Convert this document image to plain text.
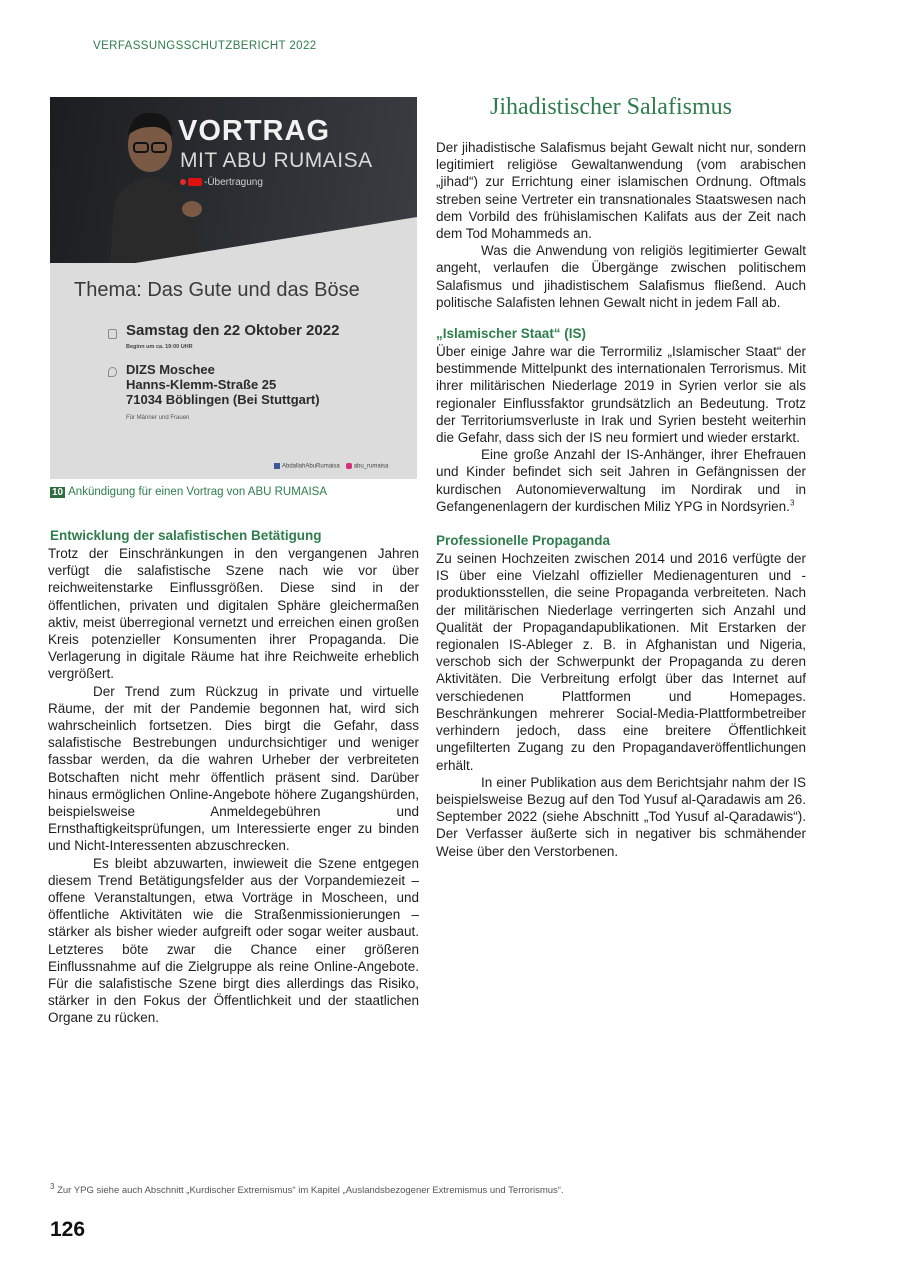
VERFASSUNGSSCHUTZBERICHT 2022
VORTRAG
MIT ABU RUMAISA
-Übertragung
Thema: Das Gute und das Böse
Samstag den 22 Oktober 2022
Beginn um ca. 19:00 UHR
DIZS Moschee
Hanns-Klemm-Straße 25
71034 Böblingen (Bei Stuttgart)
Für Männer und Frauen
AbdallahAbuRumaisa abu_rumaisa
10 Ankündigung für einen Vortrag von ABU RUMAISA
Entwicklung der salafistischen Betätigung

Trotz der Einschränkungen in den vergangenen Jahren verfügt die salafistische Szene nach wie vor über reichweitenstarke Einflussgrößen. Diese sind in der öffentlichen, privaten und digitalen Sphäre gleichermaßen aktiv, meist überregional vernetzt und erreichen einen großen Kreis potenzieller Konsumenten ihrer Propaganda. Die Verlagerung in digitale Räume hat ihre Reichweite erheblich vergrößert.

Der Trend zum Rückzug in private und virtuelle Räume, der mit der Pandemie begonnen hat, wird sich wahrscheinlich fortsetzen. Dies birgt die Gefahr, dass salafistische Bestrebungen undurchsichtiger und weniger fassbar werden, da die wahren Urheber der verbreiteten Botschaften nicht mehr öffentlich präsent sind. Darüber hinaus ermöglichen Online-Angebote höhere Zugangshürden, beispielsweise Anmeldegebühren und Ernsthaftigkeitsprüfungen, um Interessierte enger zu binden und Nicht-Interessenten abzuschrecken.

Es bleibt abzuwarten, inwieweit die Szene entgegen diesem Trend Betätigungsfelder aus der Vorpandemiezeit – offene Veranstaltungen, etwa Vorträge in Moscheen, und öffentliche Aktivitäten wie die Straßenmissionierungen – stärker als bisher wieder aufgreift oder sogar weiter ausbaut. Letzteres böte zwar die Chance einer größeren Einflussnahme auf die Zielgruppe als reine Online-Angebote. Für die salafistische Szene birgt dies allerdings das Risiko, stärker in den Fokus der Öffentlichkeit und der staatlichen Organe zu rücken.

Jihadistischer Salafismus

Der jihadistische Salafismus bejaht Gewalt nicht nur, sondern legitimiert religiöse Gewaltanwendung (vom arabischen „jihad“) zur Errichtung einer islamischen Ordnung. Oftmals streben seine Vertreter ein transnationales Staatswesen nach dem Vorbild des frühislamischen Kalifats aus der Zeit nach dem Tod Mohammeds an.

Was die Anwendung von religiös legitimierter Gewalt angeht, verlaufen die Übergänge zwischen politischem Salafismus und jihadistischem Salafismus fließend. Auch politische Salafisten lehnen Gewalt nicht in jedem Fall ab.

„Islamischer Staat“ (IS)

Über einige Jahre war die Terrormiliz „Islamischer Staat“ der bestimmende Mittelpunkt des internationalen Terrorismus. Mit ihrer militärischen Niederlage 2019 in Syrien verlor sie als regionaler Einflussfaktor grundsätzlich an Bedeutung. Trotz der Territoriumsverluste in Irak und Syrien besteht weiterhin die Gefahr, dass sich der IS neu formiert und wieder erstarkt.

Eine große Anzahl der IS-Anhänger, ihrer Ehefrauen und Kinder befindet sich seit Jahren in Gefängnissen der kurdischen Autonomieverwaltung im Nordirak und in Gefangenenlagern der kurdischen Miliz YPG in Nordsyrien.$^3$

Professionelle Propaganda

Zu seinen Hochzeiten zwischen 2014 und 2016 verfügte der IS über eine Vielzahl offizieller Medienagenturen und -produktionsstellen, die seine Propaganda verbreiteten. Nach der militärischen Niederlage verringerten sich Anzahl und Qualität der Propagandapublikationen. Mit Erstarken der regionalen IS-Ableger z. B. in Afghanistan und Nigeria, verschob sich der Schwerpunkt der Propaganda zu deren Aktivitäten. Die Verbreitung erfolgt über das Internet auf verschiedenen Plattformen und Homepages. Beschränkungen mehrerer Social-Media-Plattformbetreiber verhindern jedoch, dass eine breitere Öffentlichkeit ungefilterten Zugang zu den Propagandaveröffentlichungen erhält.

In einer Publikation aus dem Berichtsjahr nahm der IS beispielsweise Bezug auf den Tod Yusuf al-Qaradawis am 26. September 2022 (siehe Abschnitt „Tod Yusuf al-Qaradawis“). Der Verfasser äußerte sich in negativer bis schmähender Weise über den Verstorbenen.

$^3$ Zur YPG siehe auch Abschnitt „Kurdischer Extremismus“ im Kapitel „Auslandsbezogener Extremismus und Terrorismus“.
126
